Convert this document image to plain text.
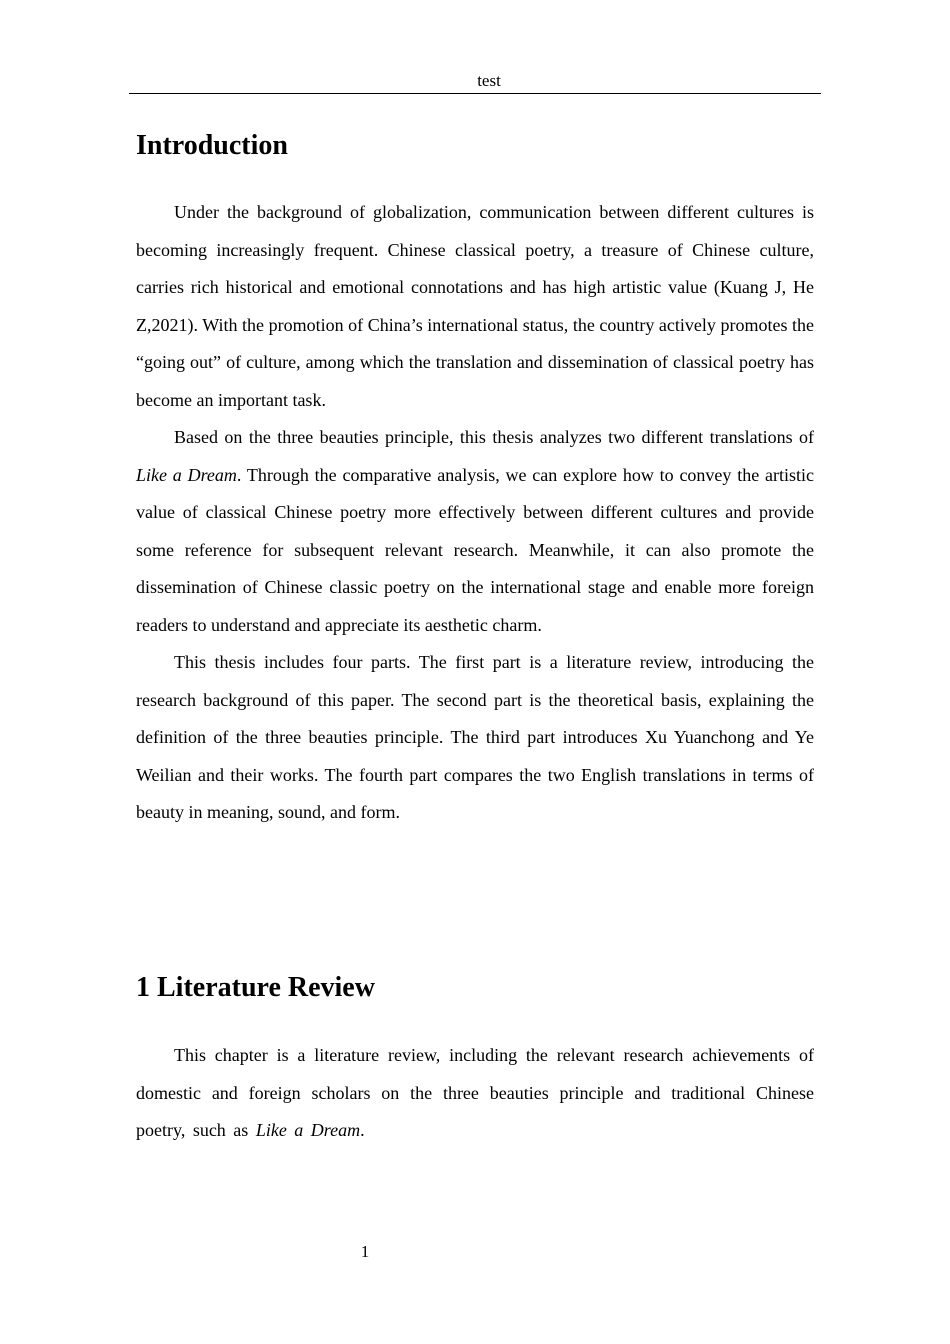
test
Introduction

Under the background of globalization, communication between different cultures is becoming increasingly frequent. Chinese classical poetry, a treasure of Chinese culture, carries rich historical and emotional connotations and has high artistic value (Kuang J, He Z,2021). With the promotion of China’s international status, the country actively promotes the “going out” of culture, among which the translation and dissemination of classical poetry has become an important task.

Based on the three beauties principle, this thesis analyzes two different translations of Like a Dream. Through the comparative analysis, we can explore how to convey the artistic value of classical Chinese poetry more effectively between different cultures and provide some reference for subsequent relevant research. Meanwhile, it can also promote the dissemination of Chinese classic poetry on the international stage and enable more foreign readers to understand and appreciate its aesthetic charm.

This thesis includes four parts. The first part is a literature review, introducing the research background of this paper. The second part is the theoretical basis, explaining the definition of the three beauties principle. The third part introduces Xu Yuanchong and Ye Weilian and their works. The fourth part compares the two English translations in terms of beauty in meaning, sound, and form.

1 Literature Review

This chapter is a literature review, including the relevant research achievements of domestic and foreign scholars on the three beauties principle and traditional Chinese poetry, such as Like a Dream.

1
